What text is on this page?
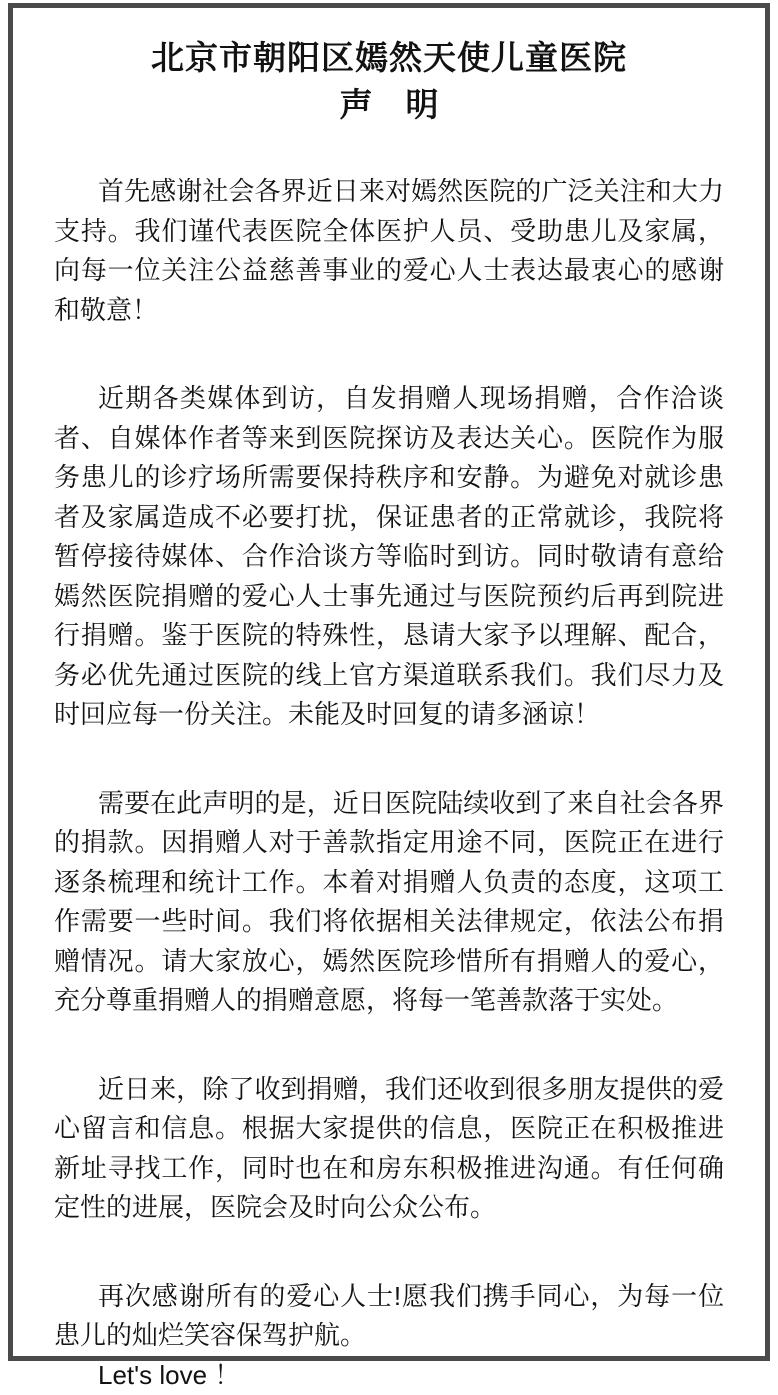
北京市朝阳区嫣然天使儿童医院
声　明

首先感谢社会各界近日来对嫣然医院的广泛关注和大力支持。我们谨代表医院全体医护人员、受助患儿及家属，向每一位关注公益慈善事业的爱心人士表达最衷心的感谢和敬意！

近期各类媒体到访，自发捐赠人现场捐赠，合作洽谈者、自媒体作者等来到医院探访及表达关心。医院作为服务患儿的诊疗场所需要保持秩序和安静。为避免对就诊患者及家属造成不必要打扰，保证患者的正常就诊，我院将暂停接待媒体、合作洽谈方等临时到访。同时敬请有意给嫣然医院捐赠的爱心人士事先通过与医院预约后再到院进行捐赠。鉴于医院的特殊性，恳请大家予以理解、配合，务必优先通过医院的线上官方渠道联系我们。我们尽力及时回应每一份关注。未能及时回复的请多涵谅！

需要在此声明的是，近日医院陆续收到了来自社会各界的捐款。因捐赠人对于善款指定用途不同，医院正在进行逐条梳理和统计工作。本着对捐赠人负责的态度，这项工作需要一些时间。我们将依据相关法律规定，依法公布捐赠情况。请大家放心，嫣然医院珍惜所有捐赠人的爱心，充分尊重捐赠人的捐赠意愿，将每一笔善款落于实处。

近日来，除了收到捐赠，我们还收到很多朋友提供的爱心留言和信息。根据大家提供的信息，医院正在积极推进新址寻找工作，同时也在和房东积极推进沟通。有任何确定性的进展，医院会及时向公众公布。

再次感谢所有的爱心人士!愿我们携手同心，为每一位患儿的灿烂笑容保驾护航。

Let's love ！
